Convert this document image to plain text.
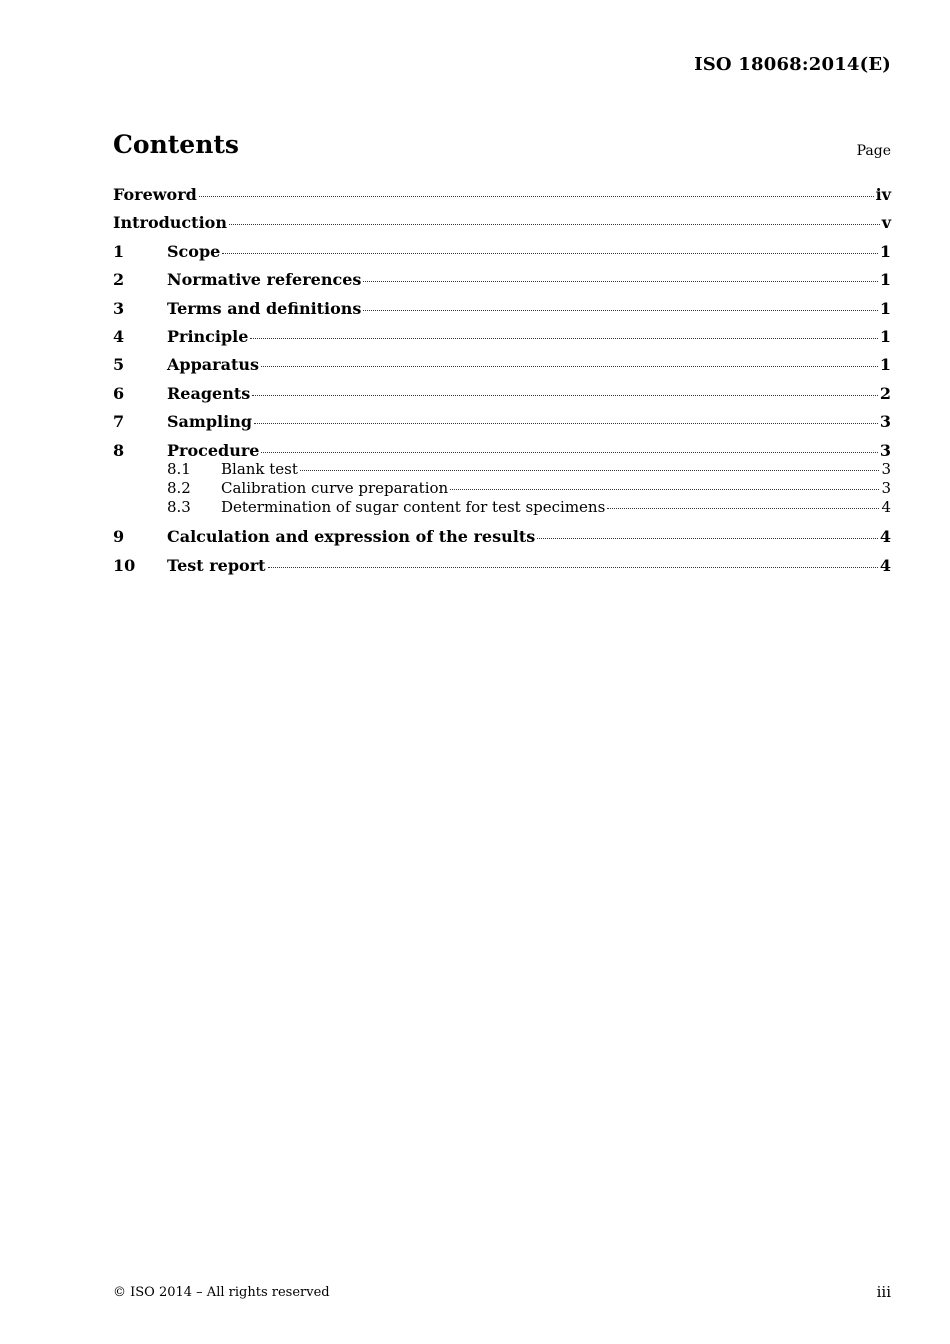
ISO 18068:2014(E)
Contents	Page
Foreword	iv
Introduction	v
1	Scope	1
2	Normative references	1
3	Terms and definitions	1
4	Principle	1
5	Apparatus	1
6	Reagents	2
7	Sampling	3
8	Procedure	3
8.1	Blank test	3
8.2	Calibration curve preparation	3
8.3	Determination of sugar content for test specimens	4
9	Calculation and expression of the results	4
10	Test report	4
© ISO 2014 – All rights reserved	iii
